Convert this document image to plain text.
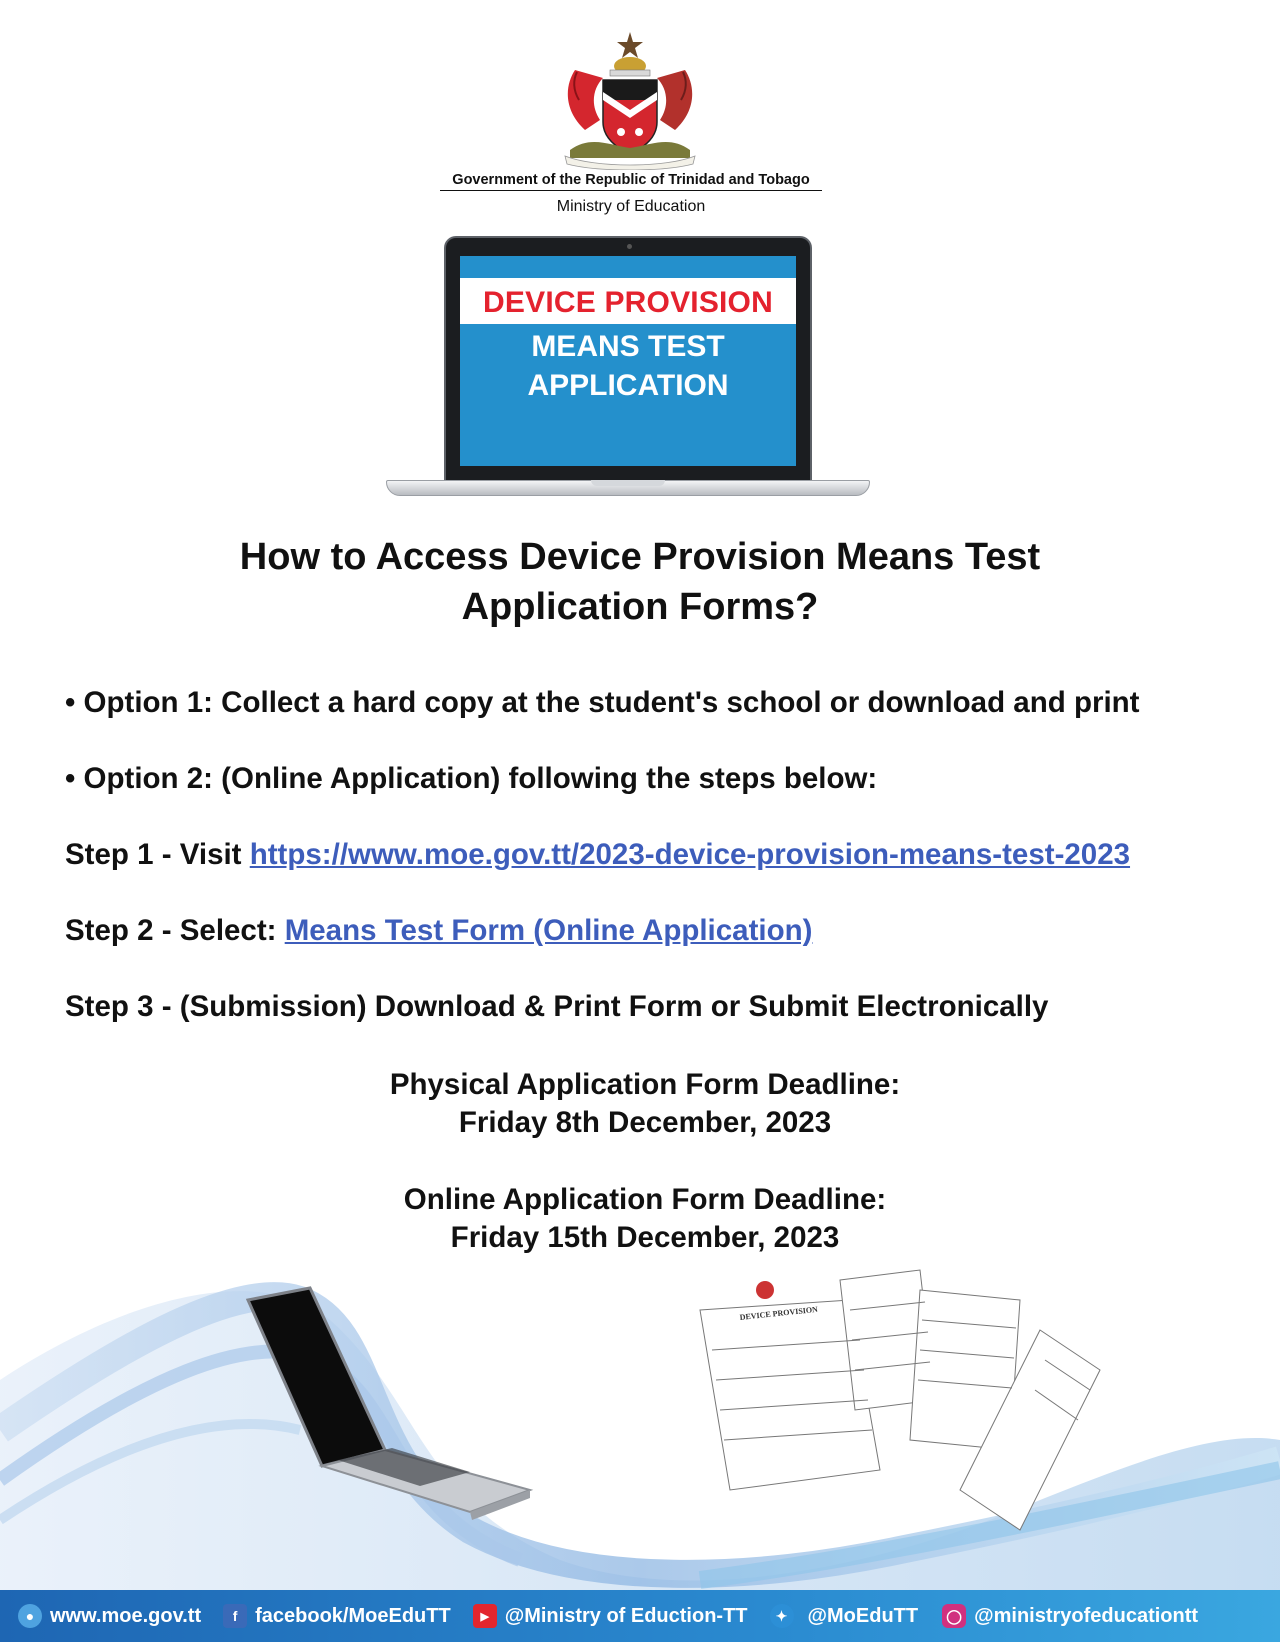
Government of the Republic of Trinidad and Tobago
Ministry of Education
DEVICE PROVISION
MEANS TEST
APPLICATION
How to Access Device Provision Means Test
Application Forms?
• Option 1: Collect a hard copy at the student's school or download and print
• Option 2: (Online Application) following the steps below:
Step 1 - Visit https://www.moe.gov.tt/2023-device-provision-means-test-2023
Step 2 - Select: Means Test Form (Online Application)
Step 3 - (Submission) Download & Print Form or Submit Electronically
Physical Application Form Deadline:
Friday 8th December, 2023
Online Application Form Deadline:
Friday 15th December, 2023
DEVICE PROVISION
● www.moe.gov.tt	f facebook/MoeEduTT	▶ @Ministry of Eduction-TT	✦	@MoEduTT ◯ @ministryofeducationtt
